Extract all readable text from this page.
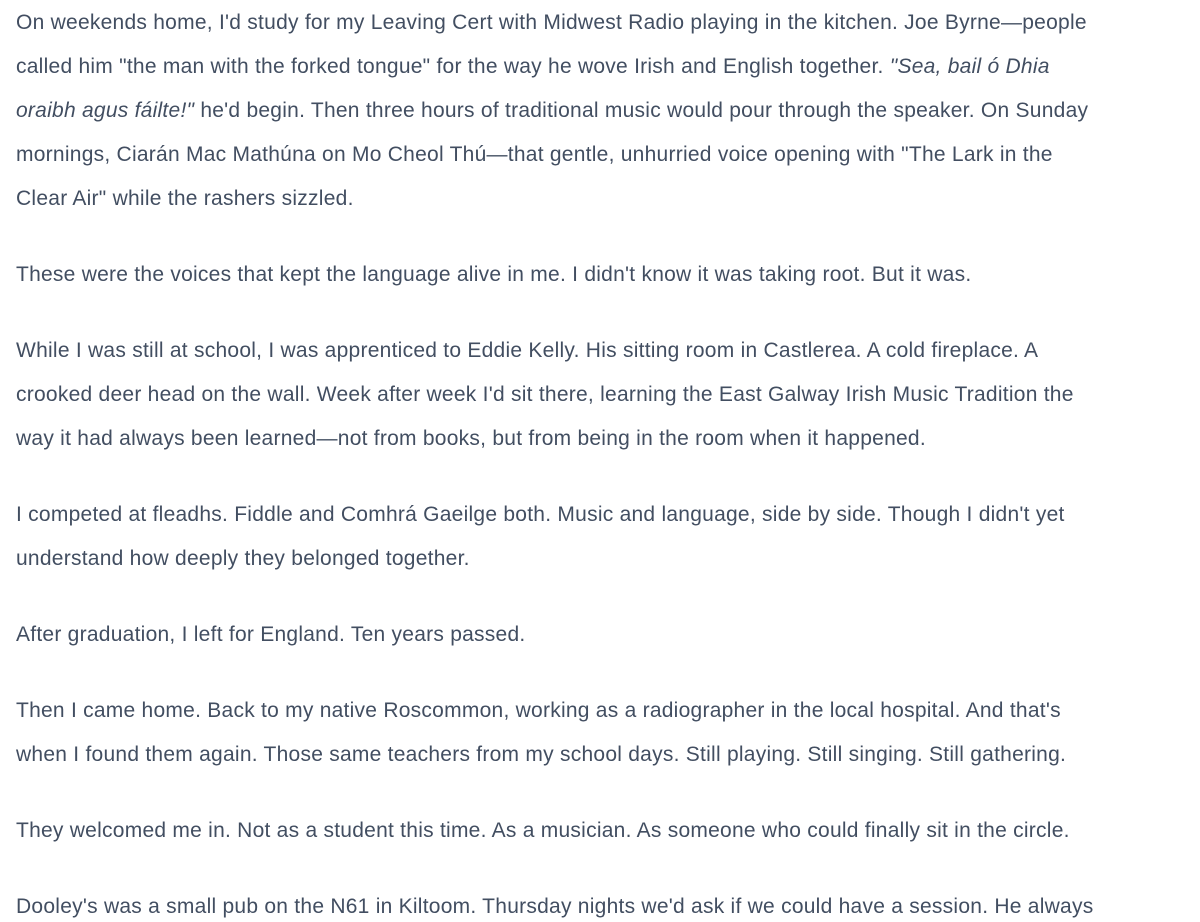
On weekends home, I'd study for my Leaving Cert with Midwest Radio playing in the kitchen. Joe Byrne—people
called him "the man with the forked tongue" for the way he wove Irish and English together. "Sea, bail ó Dhia
oraibh agus fáilte!" he'd begin. Then three hours of traditional music would pour through the speaker. On Sunday
mornings, Ciarán Mac Mathúna on Mo Cheol Thú—that gentle, unhurried voice opening with "The Lark in the
Clear Air" while the rashers sizzled.

These were the voices that kept the language alive in me. I didn't know it was taking root. But it was.

While I was still at school, I was apprenticed to Eddie Kelly. His sitting room in Castlerea. A cold fireplace. A
crooked deer head on the wall. Week after week I'd sit there, learning the East Galway Irish Music Tradition the
way it had always been learned—not from books, but from being in the room when it happened.

I competed at fleadhs. Fiddle and Comhrá Gaeilge both. Music and language, side by side. Though I didn't yet
understand how deeply they belonged together.

After graduation, I left for England. Ten years passed.

Then I came home. Back to my native Roscommon, working as a radiographer in the local hospital. And that's
when I found them again. Those same teachers from my school days. Still playing. Still singing. Still gathering.

They welcomed me in. Not as a student this time. As a musician. As someone who could finally sit in the circle.

Dooley's was a small pub on the N61 in Kiltoom. Thursday nights we'd ask if we could have a session. He always
